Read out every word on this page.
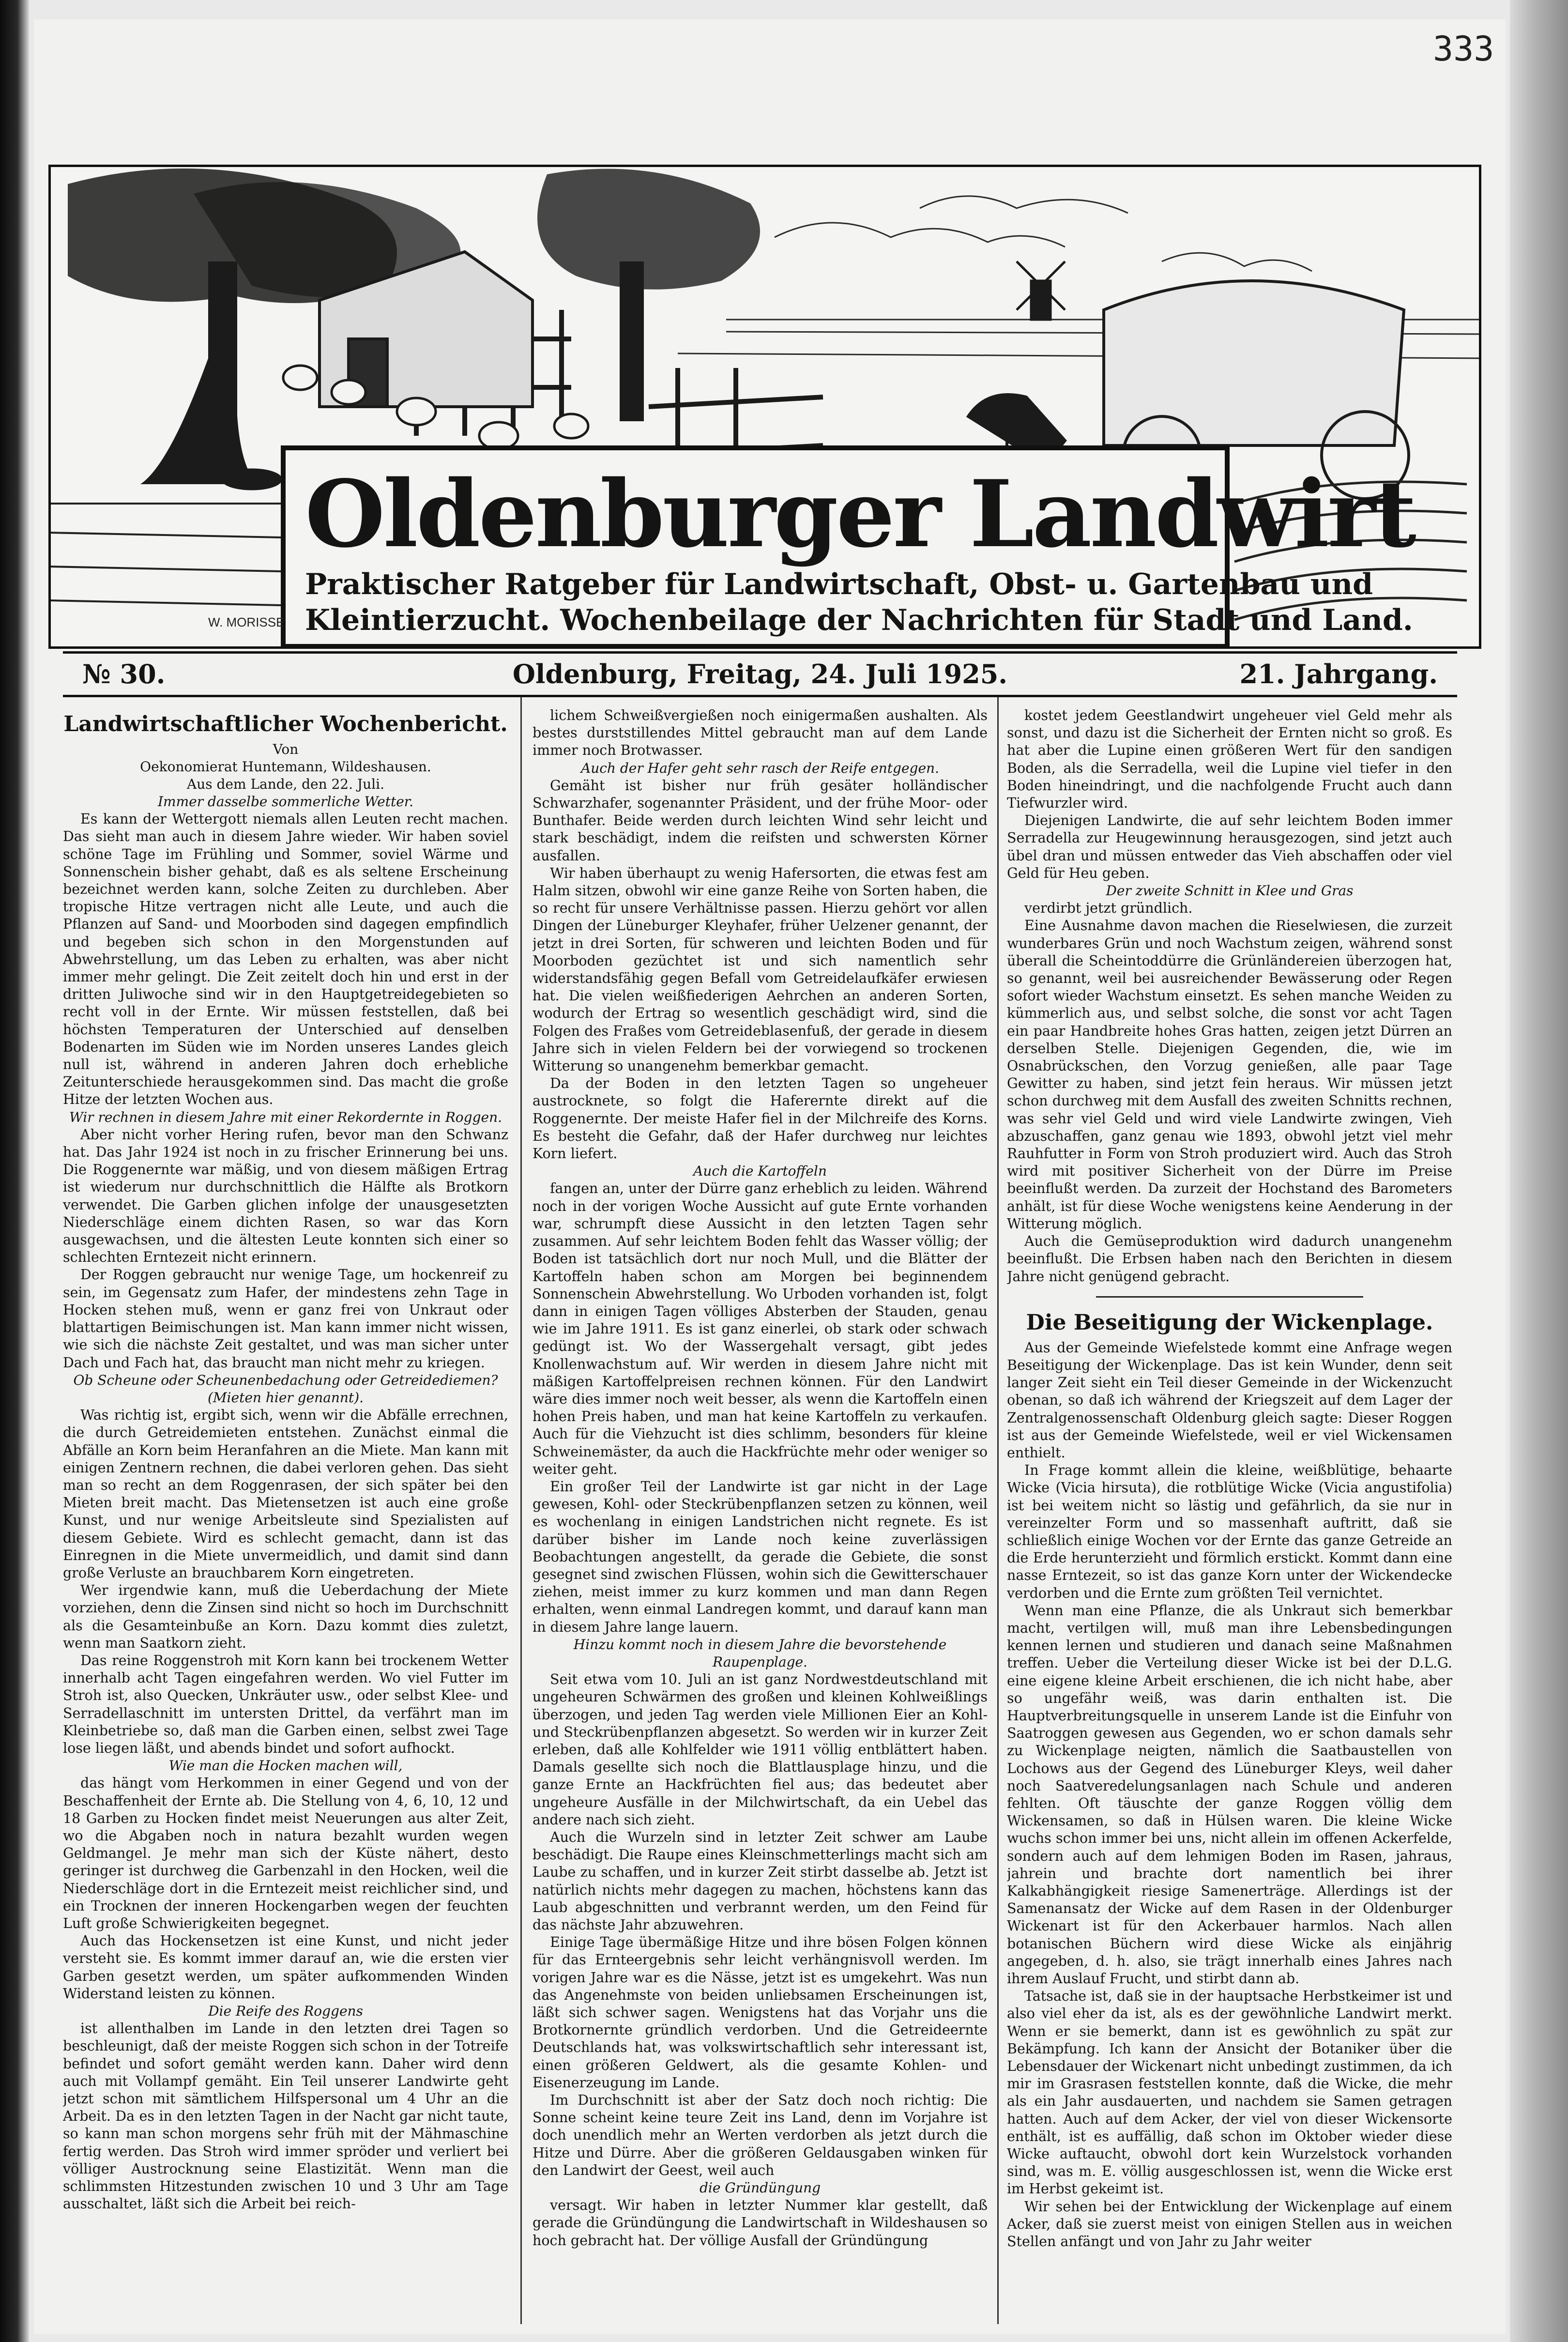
333
Oldenburger Landwirt
Praktischer Ratgeber für Landwirtschaft, Obst- u. Gartenbau und
Kleintierzucht. Wochenbeilage der Nachrichten für Stadt und Land.
W. MORISSE
№ 30.	Oldenburg, Freitag, 24. Juli 1925.	21. Jahrgang.
Landwirtschaftlicher Wochenbericht.
Von
Oekonomierat Huntemann, Wildeshausen.
Aus dem Lande, den 22. Juli.
Immer dasselbe sommerliche Wetter.

Es kann der Wettergott niemals allen Leuten recht machen. Das sieht man auch in diesem Jahre wieder. Wir haben soviel schöne Tage im Frühling und Sommer, soviel Wärme und Sonnenschein bisher gehabt, daß es als seltene Erscheinung bezeichnet werden kann, solche Zeiten zu durchleben. Aber tropische Hitze vertragen nicht alle Leute, und auch die Pflanzen auf Sand- und Moorboden sind dagegen empfindlich und begeben sich schon in den Morgenstunden auf Abwehrstellung, um das Leben zu erhalten, was aber nicht immer mehr gelingt. Die Zeit zeitelt doch hin und erst in der dritten Juliwoche sind wir in den Hauptgetreidegebieten so recht voll in der Ernte. Wir müssen feststellen, daß bei höchsten Temperaturen der Unterschied auf denselben Bodenarten im Süden wie im Norden unseres Landes gleich null ist, während in anderen Jahren doch erhebliche Zeitunterschiede herausgekommen sind. Das macht die große Hitze der letzten Wochen aus.

Wir rechnen in diesem Jahre mit einer Rekordernte in Roggen.

Aber nicht vorher Hering rufen, bevor man den Schwanz hat. Das Jahr 1924 ist noch in zu frischer Erinnerung bei uns. Die Roggenernte war mäßig, und von diesem mäßigen Ertrag ist wiederum nur durchschnittlich die Hälfte als Brotkorn verwendet. Die Garben glichen infolge der unausgesetzten Niederschläge einem dichten Rasen, so war das Korn ausgewachsen, und die ältesten Leute konnten sich einer so schlechten Erntezeit nicht erinnern.

Der Roggen gebraucht nur wenige Tage, um hockenreif zu sein, im Gegensatz zum Hafer, der mindestens zehn Tage in Hocken stehen muß, wenn er ganz frei von Unkraut oder blattartigen Beimischungen ist. Man kann immer nicht wissen, wie sich die nächste Zeit gestaltet, und was man sicher unter Dach und Fach hat, das braucht man nicht mehr zu kriegen.

Ob Scheune oder Scheunenbedachung oder Getreidediemen? (Mieten hier genannt).

Was richtig ist, ergibt sich, wenn wir die Abfälle errechnen, die durch Getreidemieten entstehen. Zunächst einmal die Abfälle an Korn beim Heranfahren an die Miete. Man kann mit einigen Zentnern rechnen, die dabei verloren gehen. Das sieht man so recht an dem Roggenrasen, der sich später bei den Mieten breit macht. Das Mietensetzen ist auch eine große Kunst, und nur wenige Arbeitsleute sind Spezialisten auf diesem Gebiete. Wird es schlecht gemacht, dann ist das Einregnen in die Miete unvermeidlich, und damit sind dann große Verluste an brauchbarem Korn eingetreten.

Wer irgendwie kann, muß die Ueberdachung der Miete vorziehen, denn die Zinsen sind nicht so hoch im Durchschnitt als die Gesamteinbuße an Korn. Dazu kommt dies zuletzt, wenn man Saatkorn zieht.

Das reine Roggenstroh mit Korn kann bei trockenem Wetter innerhalb acht Tagen eingefahren werden. Wo viel Futter im Stroh ist, also Quecken, Unkräuter usw., oder selbst Klee- und Serradellaschnitt im untersten Drittel, da verfährt man im Kleinbetriebe so, daß man die Garben einen, selbst zwei Tage lose liegen läßt, und abends bindet und sofort aufhockt.

Wie man die Hocken machen will,

das hängt vom Herkommen in einer Gegend und von der Beschaffenheit der Ernte ab. Die Stellung von 4, 6, 10, 12 und 18 Garben zu Hocken findet meist Neuerungen aus alter Zeit, wo die Abgaben noch in natura bezahlt wurden wegen Geldmangel. Je mehr man sich der Küste nähert, desto geringer ist durchweg die Garbenzahl in den Hocken, weil die Niederschläge dort in die Erntezeit meist reichlicher sind, und ein Trocknen der inneren Hockengarben wegen der feuchten Luft große Schwierigkeiten begegnet.

Auch das Hockensetzen ist eine Kunst, und nicht jeder versteht sie. Es kommt immer darauf an, wie die ersten vier Garben gesetzt werden, um später aufkommenden Winden Widerstand leisten zu können.

Die Reife des Roggens

ist allenthalben im Lande in den letzten drei Tagen so beschleunigt, daß der meiste Roggen sich schon in der Totreife befindet und sofort gemäht werden kann. Daher wird denn auch mit Vollampf gemäht. Ein Teil unserer Landwirte geht jetzt schon mit sämtlichem Hilfspersonal um 4 Uhr an die Arbeit. Da es in den letzten Tagen in der Nacht gar nicht taute, so kann man schon morgens sehr früh mit der Mähmaschine fertig werden. Das Stroh wird immer spröder und verliert bei völliger Austrocknung seine Elastizität. Wenn man die schlimmsten Hitzestunden zwischen 10 und 3 Uhr am Tage ausschaltet, läßt sich die Arbeit bei reich-

lichem Schweißvergießen noch einigermaßen aushalten. Als bestes durststillendes Mittel gebraucht man auf dem Lande immer noch Brotwasser.

Auch der Hafer geht sehr rasch der Reife entgegen.

Gemäht ist bisher nur früh gesäter holländischer Schwarzhafer, sogenannter Präsident, und der frühe Moor- oder Bunthafer. Beide werden durch leichten Wind sehr leicht und stark beschädigt, indem die reifsten und schwersten Körner ausfallen.

Wir haben überhaupt zu wenig Hafersorten, die etwas fest am Halm sitzen, obwohl wir eine ganze Reihe von Sorten haben, die so recht für unsere Verhältnisse passen. Hierzu gehört vor allen Dingen der Lüneburger Kleyhafer, früher Uelzener genannt, der jetzt in drei Sorten, für schweren und leichten Boden und für Moorboden gezüchtet ist und sich namentlich sehr widerstandsfähig gegen Befall vom Getreidelaufkäfer erwiesen hat. Die vielen weißfiederigen Aehrchen an anderen Sorten, wodurch der Ertrag so wesentlich geschädigt wird, sind die Folgen des Fraßes vom Getreideblasenfuß, der gerade in diesem Jahre sich in vielen Feldern bei der vorwiegend so trockenen Witterung so unangenehm bemerkbar gemacht.

Da der Boden in den letzten Tagen so ungeheuer austrocknete, so folgt die Haferernte direkt auf die Roggenernte. Der meiste Hafer fiel in der Milchreife des Korns. Es besteht die Gefahr, daß der Hafer durchweg nur leichtes Korn liefert.

Auch die Kartoffeln

fangen an, unter der Dürre ganz erheblich zu leiden. Während noch in der vorigen Woche Aussicht auf gute Ernte vorhanden war, schrumpft diese Aussicht in den letzten Tagen sehr zusammen. Auf sehr leichtem Boden fehlt das Wasser völlig; der Boden ist tatsächlich dort nur noch Mull, und die Blätter der Kartoffeln haben schon am Morgen bei beginnendem Sonnenschein Abwehrstellung. Wo Urboden vorhanden ist, folgt dann in einigen Tagen völliges Absterben der Stauden, genau wie im Jahre 1911. Es ist ganz einerlei, ob stark oder schwach gedüngt ist. Wo der Wassergehalt versagt, gibt jedes Knollenwachstum auf. Wir werden in diesem Jahre nicht mit mäßigen Kartoffelpreisen rechnen können. Für den Landwirt wäre dies immer noch weit besser, als wenn die Kartoffeln einen hohen Preis haben, und man hat keine Kartoffeln zu verkaufen. Auch für die Viehzucht ist dies schlimm, besonders für kleine Schweinemäster, da auch die Hackfrüchte mehr oder weniger so weiter geht.

Ein großer Teil der Landwirte ist gar nicht in der Lage gewesen, Kohl- oder Steckrübenpflanzen setzen zu können, weil es wochenlang in einigen Landstrichen nicht regnete. Es ist darüber bisher im Lande noch keine zuverlässigen Beobachtungen angestellt, da gerade die Gebiete, die sonst gesegnet sind zwischen Flüssen, wohin sich die Gewitterschauer ziehen, meist immer zu kurz kommen und man dann Regen erhalten, wenn einmal Landregen kommt, und darauf kann man in diesem Jahre lange lauern.

Hinzu kommt noch in diesem Jahre die bevorstehende Raupenplage.

Seit etwa vom 10. Juli an ist ganz Nordwestdeutschland mit ungeheuren Schwärmen des großen und kleinen Kohlweißlings überzogen, und jeden Tag werden viele Millionen Eier an Kohl- und Steckrübenpflanzen abgesetzt. So werden wir in kurzer Zeit erleben, daß alle Kohlfelder wie 1911 völlig entblättert haben. Damals gesellte sich noch die Blattlausplage hinzu, und die ganze Ernte an Hackfrüchten fiel aus; das bedeutet aber ungeheure Ausfälle in der Milchwirtschaft, da ein Uebel das andere nach sich zieht.

Auch die Wurzeln sind in letzter Zeit schwer am Laube beschädigt. Die Raupe eines Kleinschmetterlings macht sich am Laube zu schaffen, und in kurzer Zeit stirbt dasselbe ab. Jetzt ist natürlich nichts mehr dagegen zu machen, höchstens kann das Laub abgeschnitten und verbrannt werden, um den Feind für das nächste Jahr abzuwehren.

Einige Tage übermäßige Hitze und ihre bösen Folgen können für das Ernteergebnis sehr leicht verhängnisvoll werden. Im vorigen Jahre war es die Nässe, jetzt ist es umgekehrt. Was nun das Angenehmste von beiden unliebsamen Erscheinungen ist, läßt sich schwer sagen. Wenigstens hat das Vorjahr uns die Brotkornernte gründlich verdorben. Und die Getreideernte Deutschlands hat, was volkswirtschaftlich sehr interessant ist, einen größeren Geldwert, als die gesamte Kohlen- und Eisenerzeugung im Lande.

Im Durchschnitt ist aber der Satz doch noch richtig: Die Sonne scheint keine teure Zeit ins Land, denn im Vorjahre ist doch unendlich mehr an Werten verdorben als jetzt durch die Hitze und Dürre. Aber die größeren Geldausgaben winken für den Landwirt der Geest, weil auch

die Gründüngung

versagt. Wir haben in letzter Nummer klar gestellt, daß gerade die Gründüngung die Landwirtschaft in Wildeshausen so hoch gebracht hat. Der völlige Ausfall der Gründüngung

kostet jedem Geestlandwirt ungeheuer viel Geld mehr als sonst, und dazu ist die Sicherheit der Ernten nicht so groß. Es hat aber die Lupine einen größeren Wert für den sandigen Boden, als die Serradella, weil die Lupine viel tiefer in den Boden hineindringt, und die nachfolgende Frucht auch dann Tiefwurzler wird.

Diejenigen Landwirte, die auf sehr leichtem Boden immer Serradella zur Heugewinnung herausgezogen, sind jetzt auch übel dran und müssen entweder das Vieh abschaffen oder viel Geld für Heu geben.

Der zweite Schnitt in Klee und Gras

verdirbt jetzt gründlich.

Eine Ausnahme davon machen die Rieselwiesen, die zurzeit wunderbares Grün und noch Wachstum zeigen, während sonst überall die Scheintoddürre die Grünländereien überzogen hat, so genannt, weil bei ausreichender Bewässerung oder Regen sofort wieder Wachstum einsetzt. Es sehen manche Weiden zu kümmerlich aus, und selbst solche, die sonst vor acht Tagen ein paar Handbreite hohes Gras hatten, zeigen jetzt Dürren an derselben Stelle. Diejenigen Gegenden, die, wie im Osnabrückschen, den Vorzug genießen, alle paar Tage Gewitter zu haben, sind jetzt fein heraus. Wir müssen jetzt schon durchweg mit dem Ausfall des zweiten Schnitts rechnen, was sehr viel Geld und wird viele Landwirte zwingen, Vieh abzuschaffen, ganz genau wie 1893, obwohl jetzt viel mehr Rauhfutter in Form von Stroh produziert wird. Auch das Stroh wird mit positiver Sicherheit von der Dürre im Preise beeinflußt werden. Da zurzeit der Hochstand des Barometers anhält, ist für diese Woche wenigstens keine Aenderung in der Witterung möglich.

Auch die Gemüseproduktion wird dadurch unangenehm beeinflußt. Die Erbsen haben nach den Berichten in diesem Jahre nicht genügend gebracht.

Die Beseitigung der Wickenplage.

Aus der Gemeinde Wiefelstede kommt eine Anfrage wegen Beseitigung der Wickenplage. Das ist kein Wunder, denn seit langer Zeit sieht ein Teil dieser Gemeinde in der Wickenzucht obenan, so daß ich während der Kriegszeit auf dem Lager der Zentralgenossenschaft Oldenburg gleich sagte: Dieser Roggen ist aus der Gemeinde Wiefelstede, weil er viel Wickensamen enthielt.

In Frage kommt allein die kleine, weißblütige, behaarte Wicke (Vicia hirsuta), die rotblütige Wicke (Vicia angustifolia) ist bei weitem nicht so lästig und gefährlich, da sie nur in vereinzelter Form und so massenhaft auftritt, daß sie schließlich einige Wochen vor der Ernte das ganze Getreide an die Erde herunterzieht und förmlich erstickt. Kommt dann eine nasse Erntezeit, so ist das ganze Korn unter der Wickendecke verdorben und die Ernte zum größten Teil vernichtet.

Wenn man eine Pflanze, die als Unkraut sich bemerkbar macht, vertilgen will, muß man ihre Lebensbedingungen kennen lernen und studieren und danach seine Maßnahmen treffen. Ueber die Verteilung dieser Wicke ist bei der D.L.G. eine eigene kleine Arbeit erschienen, die ich nicht habe, aber so ungefähr weiß, was darin enthalten ist. Die Hauptverbreitungsquelle in unserem Lande ist die Einfuhr von Saatroggen gewesen aus Gegenden, wo er schon damals sehr zu Wickenplage neigten, nämlich die Saatbaustellen von Lochows aus der Gegend des Lüneburger Kleys, weil daher noch Saatveredelungsanlagen nach Schule und anderen fehlten. Oft täuschte der ganze Roggen völlig dem Wickensamen, so daß in Hülsen waren. Die kleine Wicke wuchs schon immer bei uns, nicht allein im offenen Ackerfelde, sondern auch auf dem lehmigen Boden im Rasen, jahraus, jahrein und brachte dort namentlich bei ihrer Kalkabhängigkeit riesige Samenerträge. Allerdings ist der Samenansatz der Wicke auf dem Rasen in der Oldenburger Wickenart ist für den Ackerbauer harmlos. Nach allen botanischen Büchern wird diese Wicke als einjährig angegeben, d. h. also, sie trägt innerhalb eines Jahres nach ihrem Auslauf Frucht, und stirbt dann ab.

Tatsache ist, daß sie in der hauptsache Herbstkeimer ist und also viel eher da ist, als es der gewöhnliche Landwirt merkt. Wenn er sie bemerkt, dann ist es gewöhnlich zu spät zur Bekämpfung. Ich kann der Ansicht der Botaniker über die Lebensdauer der Wickenart nicht unbedingt zustimmen, da ich mir im Grasrasen feststellen konnte, daß die Wicke, die mehr als ein Jahr ausdauerten, und nachdem sie Samen getragen hatten. Auch auf dem Acker, der viel von dieser Wickensorte enthält, ist es auffällig, daß schon im Oktober wieder diese Wicke auftaucht, obwohl dort kein Wurzelstock vorhanden sind, was m. E. völlig ausgeschlossen ist, wenn die Wicke erst im Herbst gekeimt ist.

Wir sehen bei der Entwicklung der Wickenplage auf einem Acker, daß sie zuerst meist von einigen Stellen aus in weichen Stellen anfängt und von Jahr zu Jahr weiter
